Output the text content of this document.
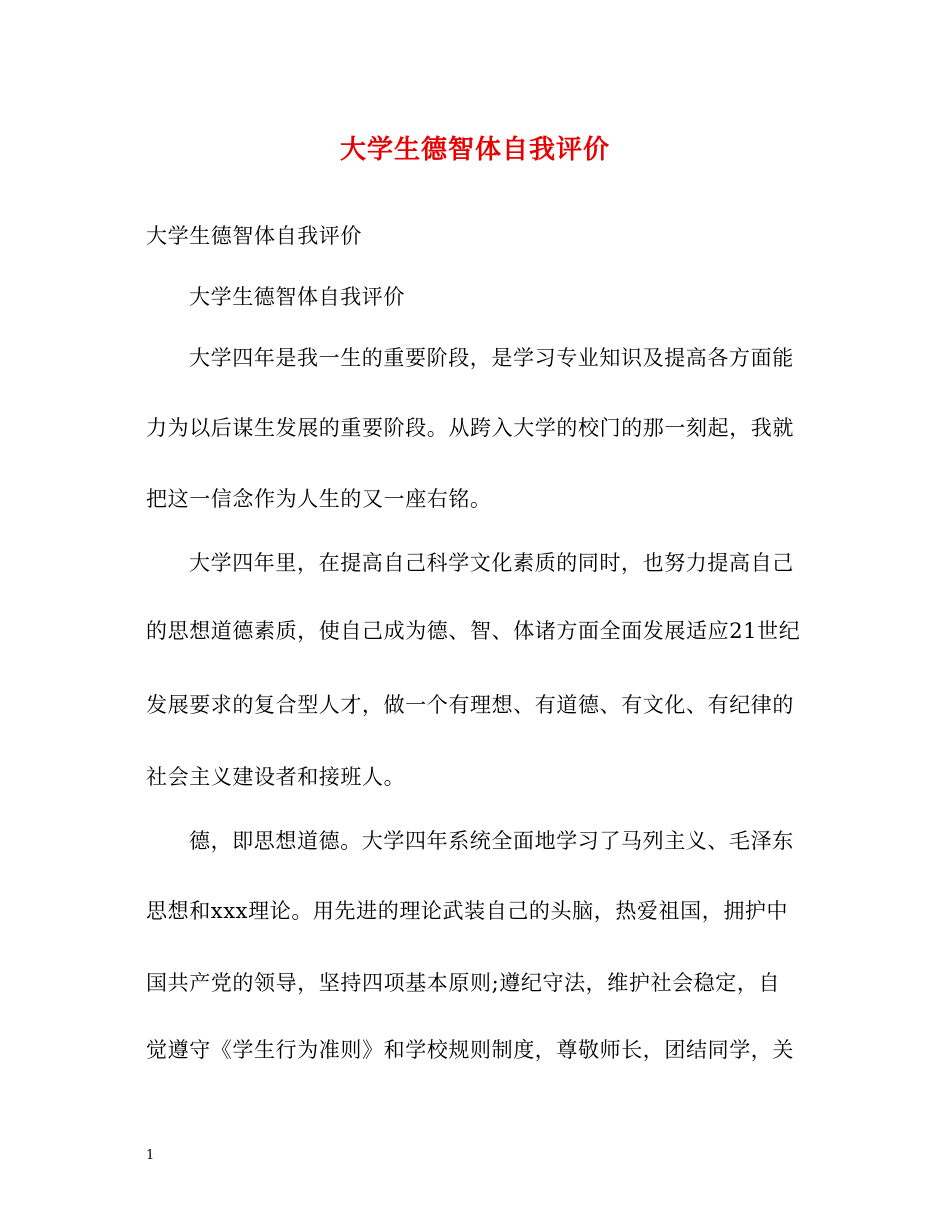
大学生德智体自我评价
大学生德智体自我评价
大学生德智体自我评价
大学四年是我一生的重要阶段，是学习专业知识及提高各方面能
力为以后谋生发展的重要阶段。从跨入大学的校门的那一刻起，我就
把这一信念作为人生的又一座右铭。
大学四年里，在提高自己科学文化素质的同时，也努力提高自己
的思想道德素质，使自己成为德、智、体诸方面全面发展适应21世纪
发展要求的复合型人才，做一个有理想、有道德、有文化、有纪律的
社会主义建设者和接班人。
德，即思想道德。大学四年系统全面地学习了马列主义、毛泽东
思想和xxx理论。用先进的理论武装自己的头脑，热爱祖国，拥护中
国共产党的领导，坚持四项基本原则;遵纪守法，维护社会稳定，自
觉遵守《学生行为准则》和学校规则制度，尊敬师长，团结同学，关
1
